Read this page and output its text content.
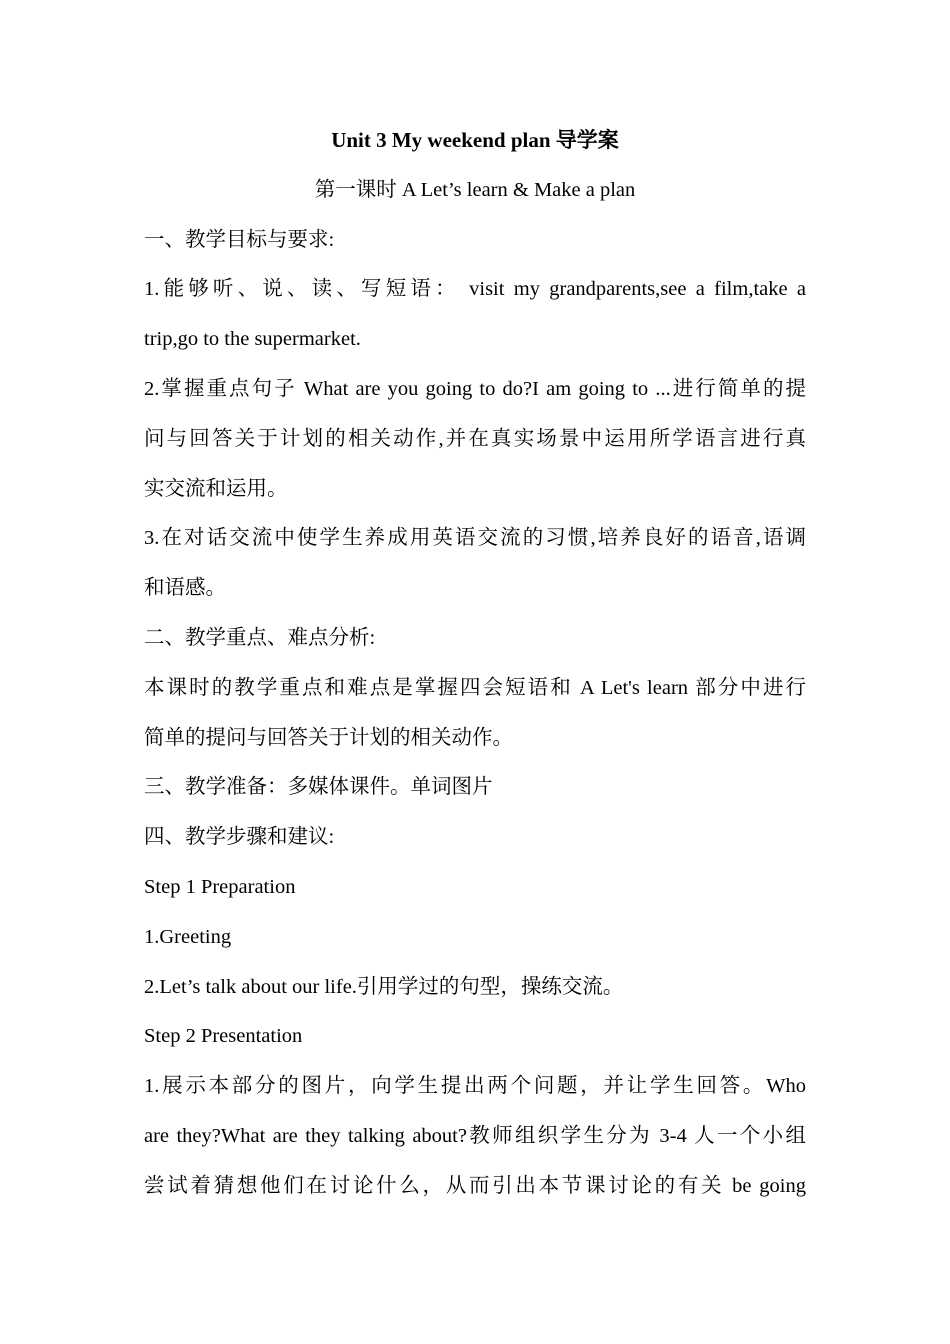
Unit 3 My weekend plan 导学案
第一课时 A Let’s learn & Make a plan
一、教学目标与要求:
1.能够听、说、读、写短语： visit my grandparents,see a film,take a
trip,go to the supermarket.
2.掌握重点句子 What are you going to do?I am going to ...进行简单的提
问与回答关于计划的相关动作,并在真实场景中运用所学语言进行真
实交流和运用。
3.在对话交流中使学生养成用英语交流的习惯,培养良好的语音,语调
和语感。
二、教学重点、难点分析:
本课时的教学重点和难点是掌握四会短语和 A Let's learn 部分中进行
简单的提问与回答关于计划的相关动作。
三、教学准备：多媒体课件。单词图片
四、教学步骤和建议:
Step 1 Preparation
1.Greeting
2.Let’s talk about our life.引用学过的句型，操练交流。
Step 2 Presentation
1.展示本部分的图片，向学生提出两个问题，并让学生回答。Who
are they?What are they talking about?教师组织学生分为 3-4 人一个小组
尝试着猜想他们在讨论什么，从而引出本节课讨论的有关 be going
